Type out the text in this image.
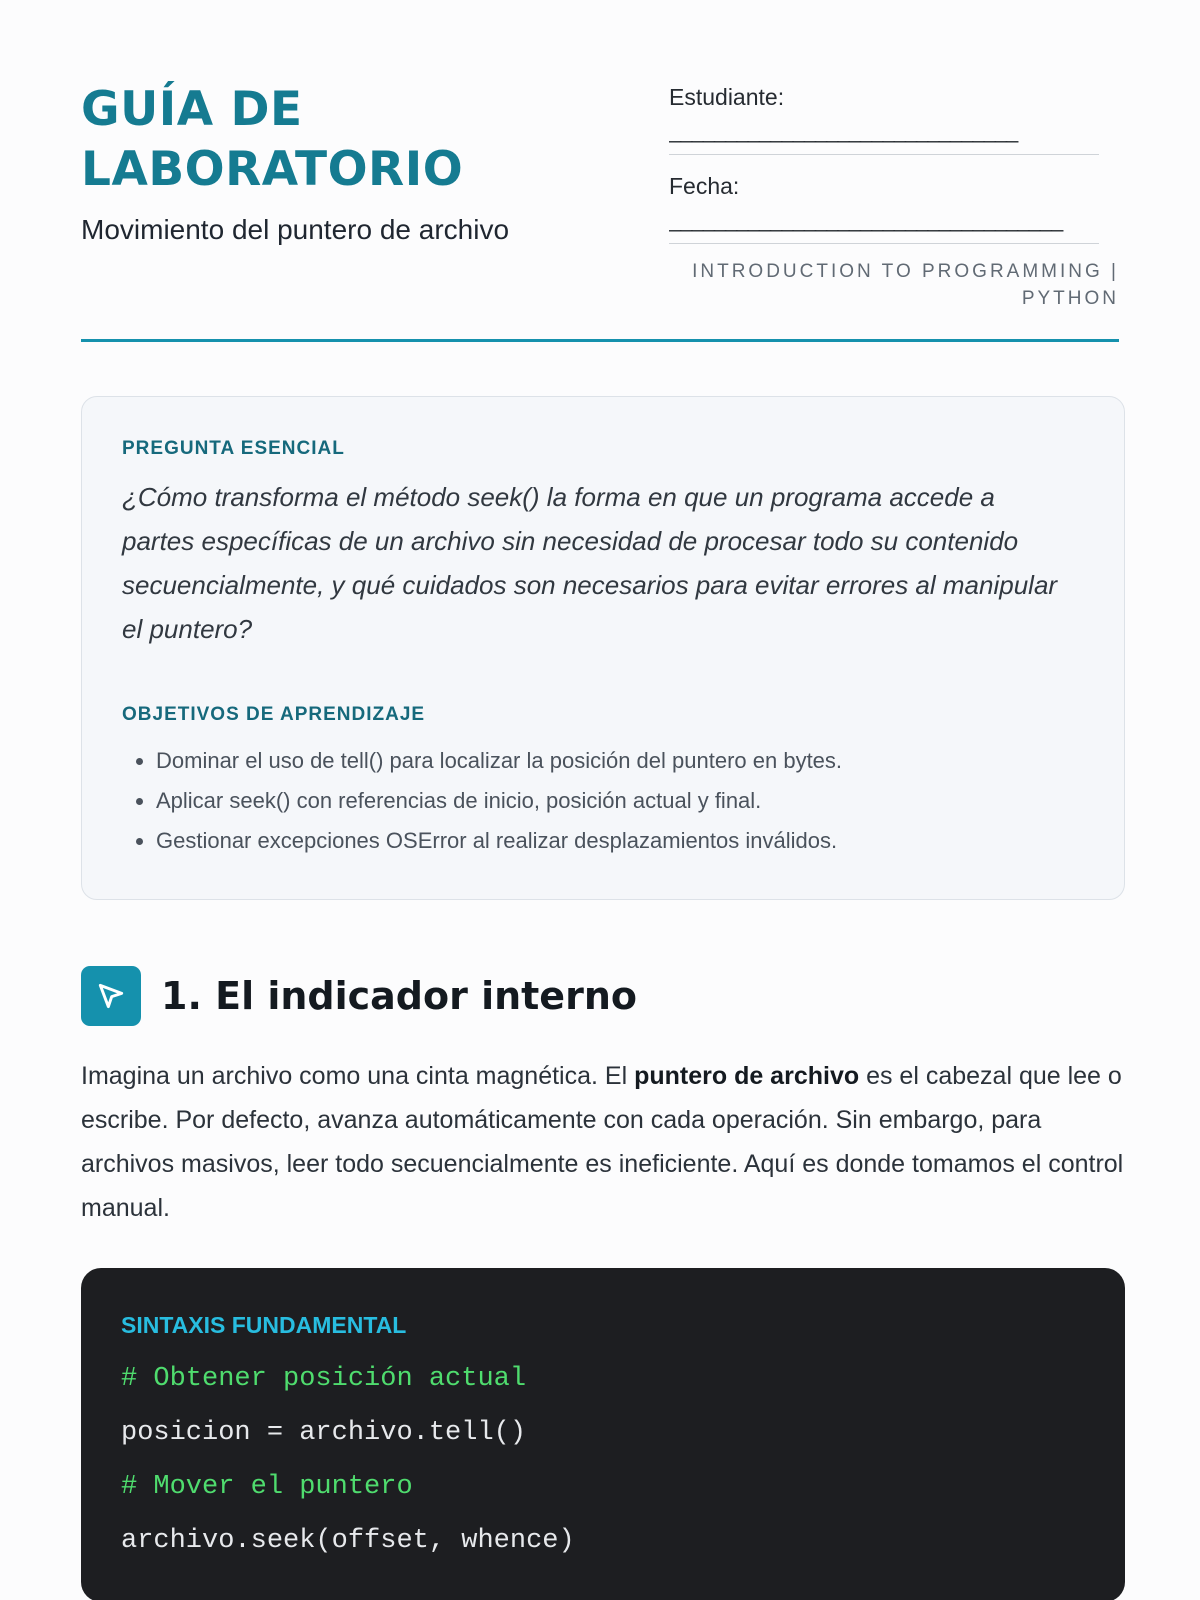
GUÍA DE
LABORATORIO
Movimiento del puntero de archivo
Estudiante:
_______________________________
Fecha:
___________________________________
INTRODUCTION TO PROGRAMMING | PYTHON
PREGUNTA ESENCIAL

¿Cómo transforma el método seek() la forma en que un programa accede a partes específicas de un archivo sin necesidad de procesar todo su contenido secuencialmente, y qué cuidados son necesarios para evitar errores al manipular el puntero?

OBJETIVOS DE APRENDIZAJE
• Dominar el uso de tell() para localizar la posición del puntero en bytes.
• Aplicar seek() con referencias de inicio, posición actual y final.
• Gestionar excepciones OSError al realizar desplazamientos inválidos.
1. El indicador interno

Imagina un archivo como una cinta magnética. El puntero de archivo es el cabezal que lee o escribe. Por defecto, avanza automáticamente con cada operación. Sin embargo, para archivos masivos, leer todo secuencialmente es ineficiente. Aquí es donde tomamos el control manual.

SINTAXIS FUNDAMENTAL
# Obtener posición actual
posicion = archivo.tell()
# Mover el puntero
archivo.seek(offset, whence)
